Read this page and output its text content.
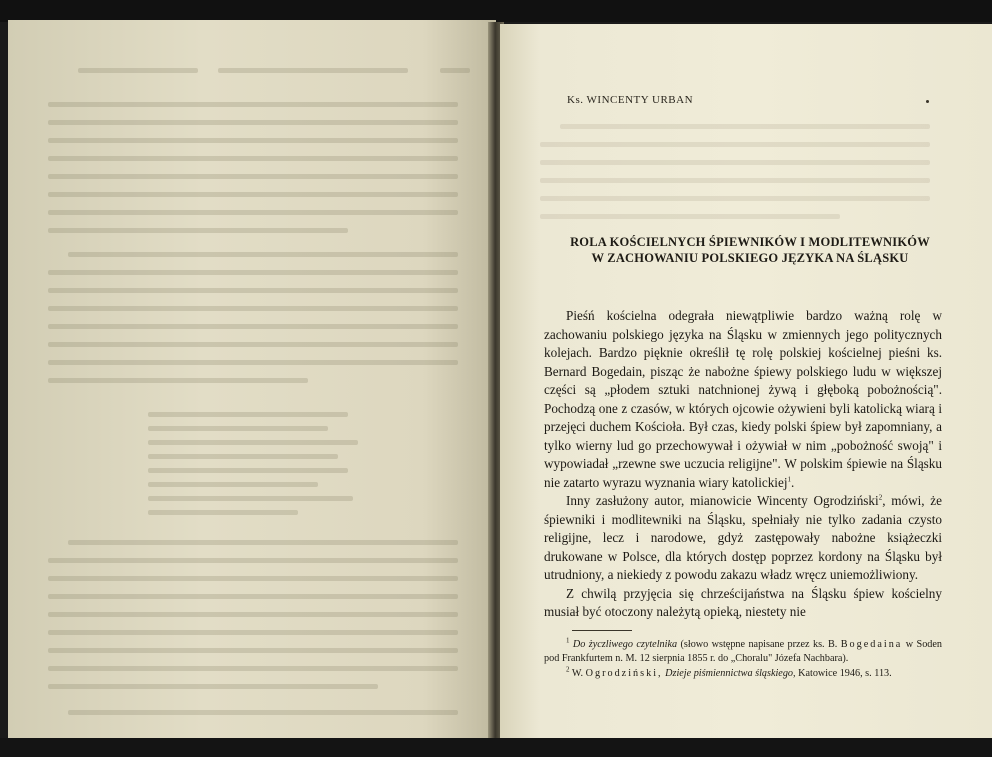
Ks. WINCENTY URBAN
ROLA KOŚCIELNYCH ŚPIEWNIKÓW I MODLITEWNIKÓW
W ZACHOWANIU POLSKIEGO JĘZYKA NA ŚLĄSKU

Pieśń kościelna odegrała niewątpliwie bardzo ważną rolę w zachowaniu polskiego języka na Śląsku w zmiennych jego politycznych kolejach. Bardzo pięknie określił tę rolę polskiej kościelnej pieśni ks. Bernard Bogedain, pisząc że nabożne śpiewy polskiego ludu w większej części są „płodem sztuki natchnionej żywą i głęboką pobożnością". Pochodzą one z czasów, w których ojcowie ożywieni byli katolicką wiarą i przejęci duchem Kościoła. Był czas, kiedy polski śpiew był zapomniany, a tylko wierny lud go przechowywał i ożywiał w nim „pobożność swoją" i wypowiadał „rzewne swe uczucia religijne". W polskim śpiewie na Śląsku nie zatarto wyrazu wyznania wiary katolickiej$^1$.

Inny zasłużony autor, mianowicie Wincenty Ogrodziński$^2$, mówi, że śpiewniki i modlitewniki na Śląsku, spełniały nie tylko zadania czysto religijne, lecz i narodowe, gdyż zastępowały nabożne książeczki drukowane w Polsce, dla których dostęp poprzez kordony na Śląsku był utrudniony, a niekiedy z powodu zakazu władz wręcz uniemożliwiony.

Z chwilą przyjęcia się chrześcijaństwa na Śląsku śpiew kościelny musiał być otoczony należytą opieką, niestety nie

$^1$ Do życzliwego czytelnika (słowo wstępne napisane przez ks. B. Bogedaina w Soden pod Frankfurtem n. M. 12 sierpnia 1855 r. do „Choralu" Józefa Nachbara).

$^2$ W. Ogrodziński, Dzieje piśmiennictwa śląskiego, Katowice 1946, s. 113.
